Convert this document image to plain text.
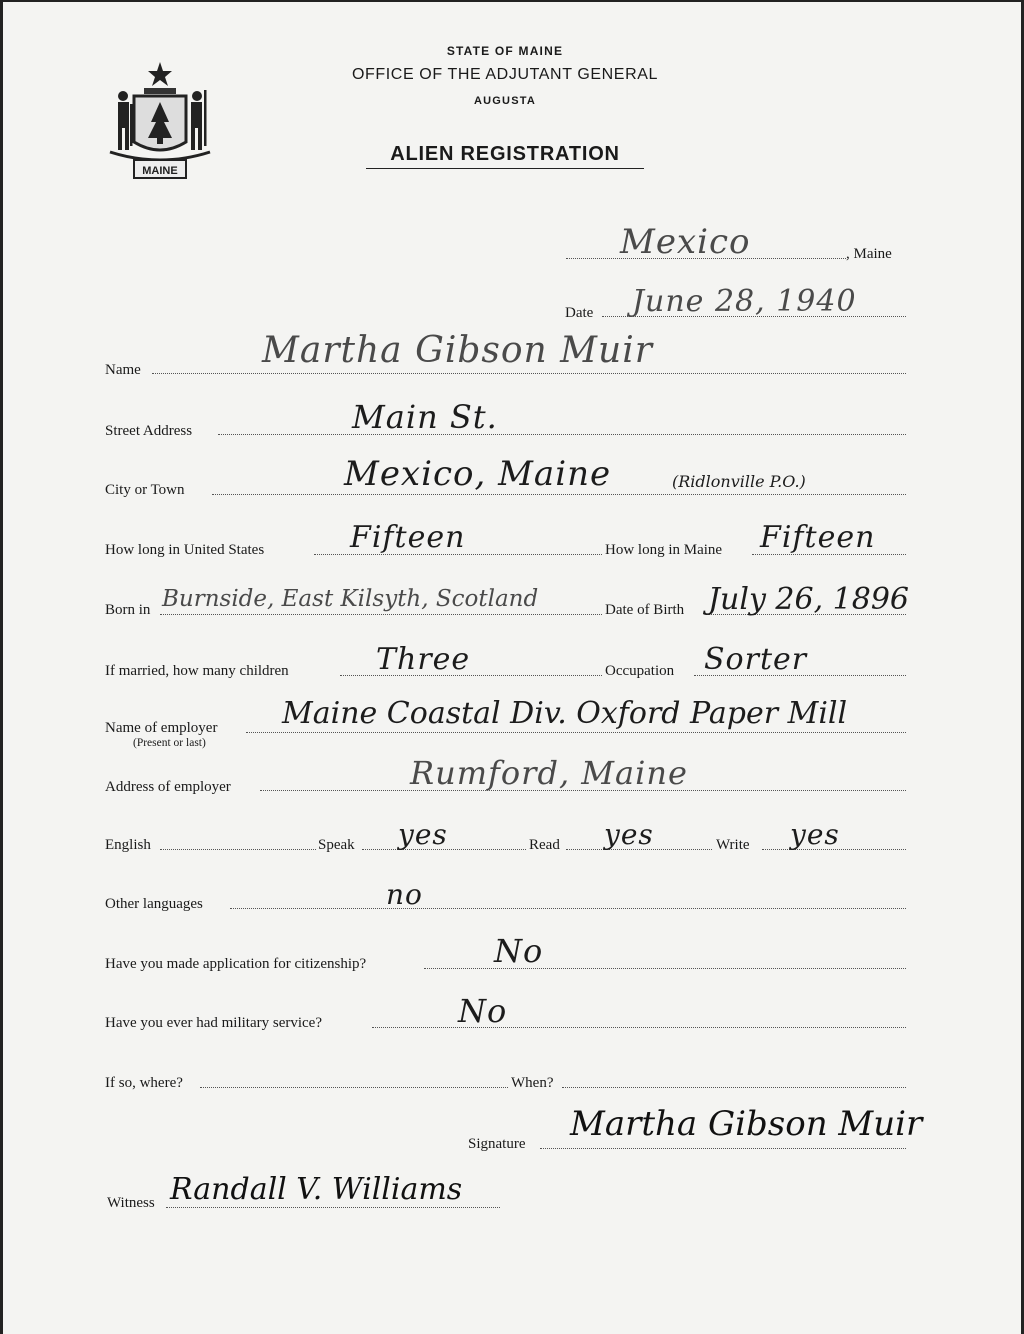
MAINE
STATE OF MAINE
OFFICE OF THE ADJUTANT GENERAL
AUGUSTA
ALIEN REGISTRATION
Mexico	, Maine
Date June 28, 1940
Name	Martha Gibson Muir
Street Address	Main St.
City or Town	Mexico, Maine	(Ridlonville P.O.)
How long in United States	Fifteen	How long in Maine Fifteen
Born in Burnside, East Kilsyth, Scotland	Date of Birth July 26, 1896
If married, how many children	Three	Occupation Sorter
Name of employer
(Present or last)
Maine Coastal Div. Oxford Paper Mill
Address of employer	Rumford, Maine
English	Speak yes	Read yes	Write yes
Other languages	no
Have you made application for citizenship?	No
Have you ever had military service?	No
If so, where?	When?
Signature Martha Gibson Muir
Witness Randall V. Williams
